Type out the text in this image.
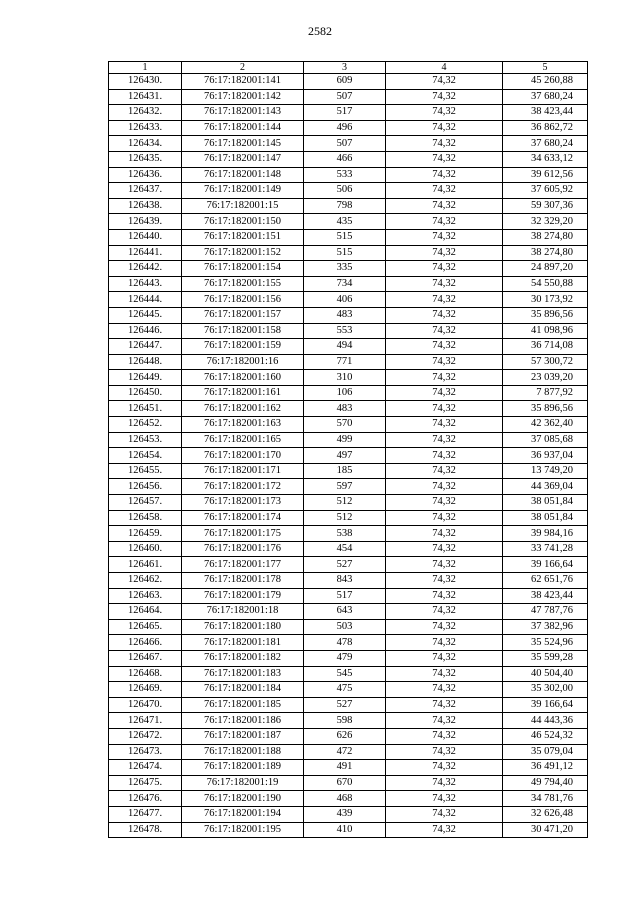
2582
1	2	3	4	5
126430.	76:17:182001:141	609	74,32	45 260,88
126431.	76:17:182001:142	507	74,32	37 680,24
126432.	76:17:182001:143	517	74,32	38 423,44
126433.	76:17:182001:144	496	74,32	36 862,72
126434.	76:17:182001:145	507	74,32	37 680,24
126435.	76:17:182001:147	466	74,32	34 633,12
126436.	76:17:182001:148	533	74,32	39 612,56
126437.	76:17:182001:149	506	74,32	37 605,92
126438.	76:17:182001:15	798	74,32	59 307,36
126439.	76:17:182001:150	435	74,32	32 329,20
126440.	76:17:182001:151	515	74,32	38 274,80
126441.	76:17:182001:152	515	74,32	38 274,80
126442.	76:17:182001:154	335	74,32	24 897,20
126443.	76:17:182001:155	734	74,32	54 550,88
126444.	76:17:182001:156	406	74,32	30 173,92
126445.	76:17:182001:157	483	74,32	35 896,56
126446.	76:17:182001:158	553	74,32	41 098,96
126447.	76:17:182001:159	494	74,32	36 714,08
126448.	76:17:182001:16	771	74,32	57 300,72
126449.	76:17:182001:160	310	74,32	23 039,20
126450.	76:17:182001:161	106	74,32	7 877,92
126451.	76:17:182001:162	483	74,32	35 896,56
126452.	76:17:182001:163	570	74,32	42 362,40
126453.	76:17:182001:165	499	74,32	37 085,68
126454.	76:17:182001:170	497	74,32	36 937,04
126455.	76:17:182001:171	185	74,32	13 749,20
126456.	76:17:182001:172	597	74,32	44 369,04
126457.	76:17:182001:173	512	74,32	38 051,84
126458.	76:17:182001:174	512	74,32	38 051,84
126459.	76:17:182001:175	538	74,32	39 984,16
126460.	76:17:182001:176	454	74,32	33 741,28
126461.	76:17:182001:177	527	74,32	39 166,64
126462.	76:17:182001:178	843	74,32	62 651,76
126463.	76:17:182001:179	517	74,32	38 423,44
126464.	76:17:182001:18	643	74,32	47 787,76
126465.	76:17:182001:180	503	74,32	37 382,96
126466.	76:17:182001:181	478	74,32	35 524,96
126467.	76:17:182001:182	479	74,32	35 599,28
126468.	76:17:182001:183	545	74,32	40 504,40
126469.	76:17:182001:184	475	74,32	35 302,00
126470.	76:17:182001:185	527	74,32	39 166,64
126471.	76:17:182001:186	598	74,32	44 443,36
126472.	76:17:182001:187	626	74,32	46 524,32
126473.	76:17:182001:188	472	74,32	35 079,04
126474.	76:17:182001:189	491	74,32	36 491,12
126475.	76:17:182001:19	670	74,32	49 794,40
126476.	76:17:182001:190	468	74,32	34 781,76
126477.	76:17:182001:194	439	74,32	32 626,48
126478.	76:17:182001:195	410	74,32	30 471,20
